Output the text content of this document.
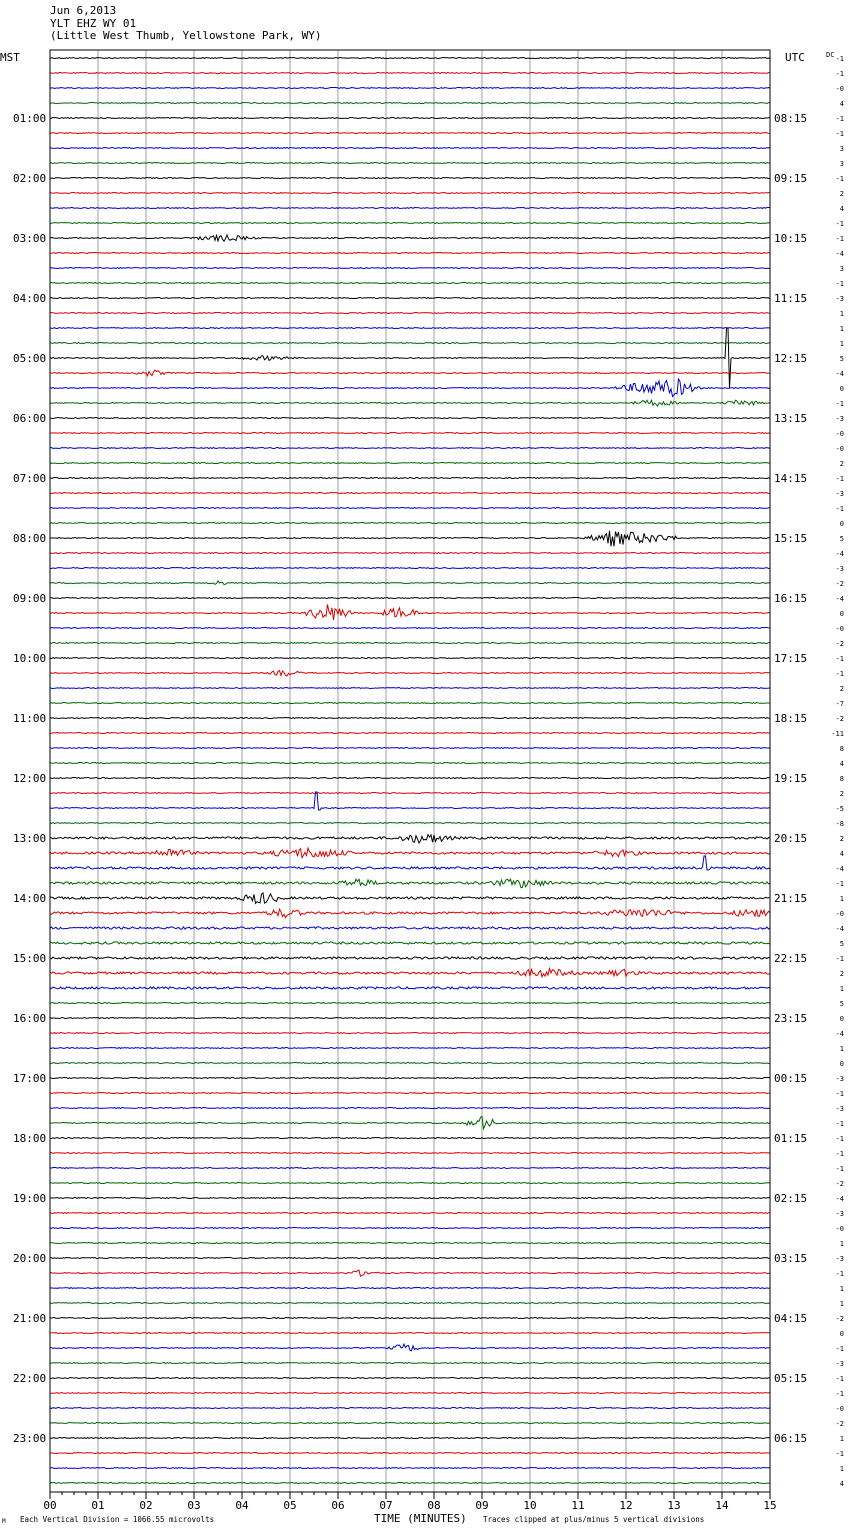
Jun 6,2013
YLT EHZ WY 01
(Little West Thumb, Yellowstone Park, WY)
01:00
02:00
03:00
04:00
05:00
06:00
07:00
08:00
09:00
10:00
11:00
12:00
13:00
14:00
15:00
16:00
17:00
18:00
19:00
20:00
21:00
22:00
23:00
08:15
09:15
10:15
11:15
12:15
13:15
14:15
15:15
16:15
17:15
18:15
19:15
20:15
21:15
22:15
23:15
00:15
01:15
02:15
03:15
04:15
05:15
06:15
-1
-1
-0
4
-1
-1
3
3
-1
2
4
-1
-1
-4
3
-1
-3
1
1
1
5
-4
0
-1
-3
-0
-0
2
-1
-3
-1
0
5
-4
-3
-2
-4
0
-0
-2
-1
-1
2
-7
-2
-11
8
4
8
2
-5
-8
2
4
-4
-1
1
-0
-4
5
-1
2
1
5
0
-4
1
0
-3
-1
-3
-1
-1
-1
-1
-2
-4
-3
-0
1
-3
-1
1
1
-2
0
-1
-3
-1
-1
-0
-2
1
-1
1
4
00	01	02	03	04	05	06	07	08	09	10	11	12	13	14	15
MST	UTC	DC
M Each Vertical Division = 1066.55 microvolts	TIME (MINUTES) Traces clipped at plus/minus 5 vertical divisions
